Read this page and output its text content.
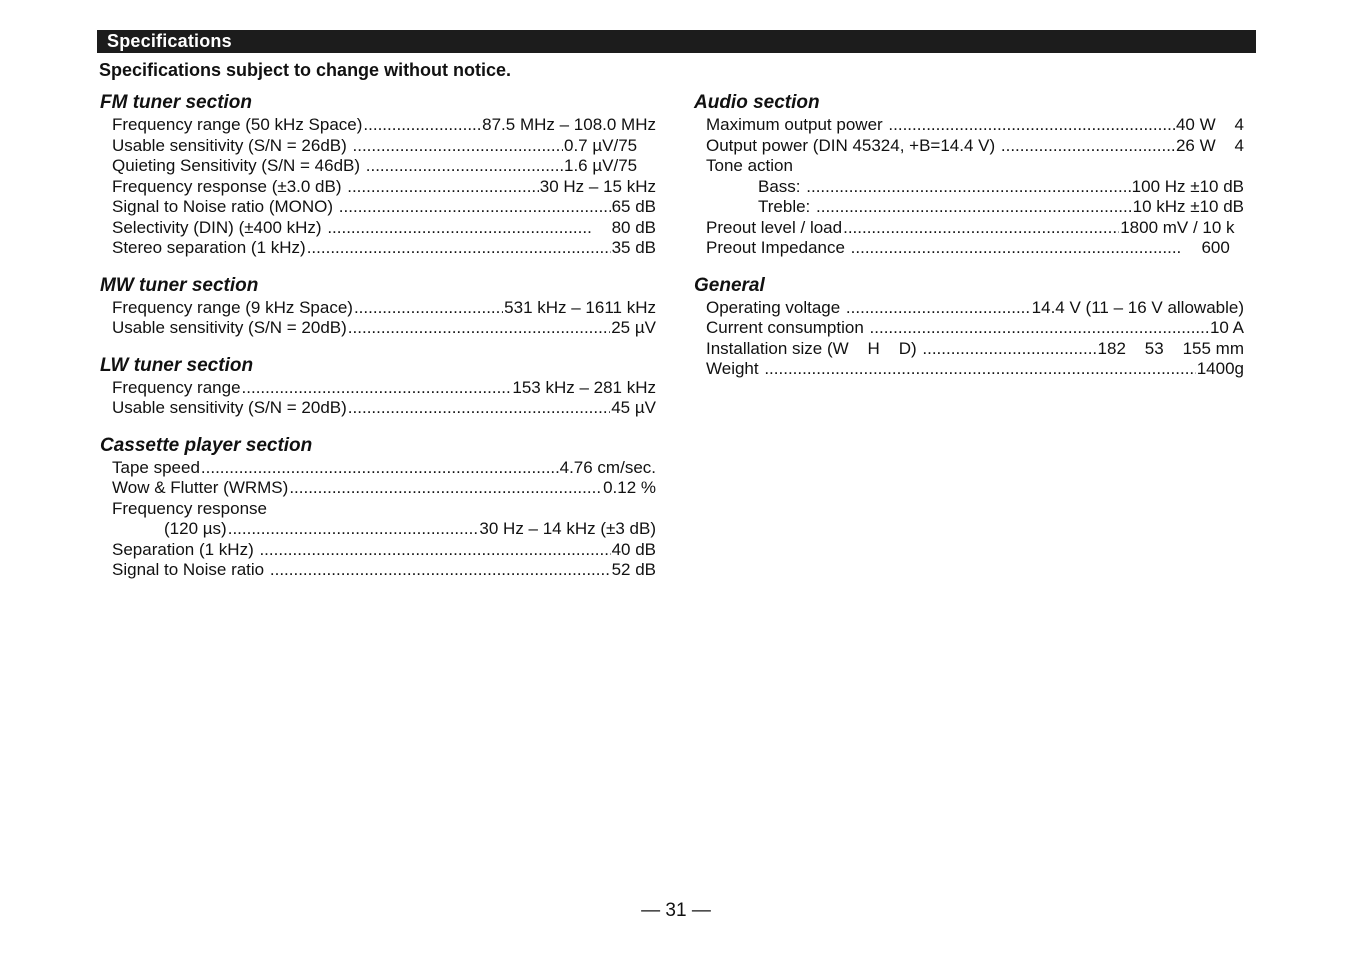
Specifications
Specifications subject to change without notice.
FM tuner section
Frequency range (50 kHz Space) .....	87.5 MHz – 108.0 MHz
Usable sensitivity (S/N = 26dB) .....	0.7 µV/75
Quieting Sensitivity (S/N = 46dB) .....	1.6 µV/75
Frequency response (±3.0 dB) .....	30 Hz – 15 kHz
Signal to Noise ratio (MONO) .....	65 dB
Selectivity (DIN) (±400 kHz) .....	80 dB
Stereo separation (1 kHz) .....	35 dB
MW tuner section
Frequency range (9 kHz Space) .....	531 kHz – 1611 kHz
Usable sensitivity (S/N = 20dB) .....	25 µV
LW tuner section
Frequency range .....	153 kHz – 281 kHz
Usable sensitivity (S/N = 20dB) .....	45 µV
Cassette player section
Tape speed .....	4.76 cm/sec.
Wow & Flutter (WRMS) .....	0.12 %
Frequency response
(120 µs) .....	30 Hz – 14 kHz (±3 dB)
Separation (1 kHz) .....	40 dB
Signal to Noise ratio .....	52 dB
Audio section
Maximum output power .....	40 W    4
Output power (DIN 45324, +B=14.4 V) .....	26 W    4
Tone action
Bass: .....	100 Hz ±10 dB
Treble: .....	10 kHz ±10 dB
Preout level / load .....	1800 mV / 10 k
Preout Impedance .....	600
General
Operating voltage .....	14.4 V (11 – 16 V allowable)
Current consumption .....	10 A
Installation size (W    H    D) .....	182    53    155 mm
Weight .....	1400g
— 31 —
